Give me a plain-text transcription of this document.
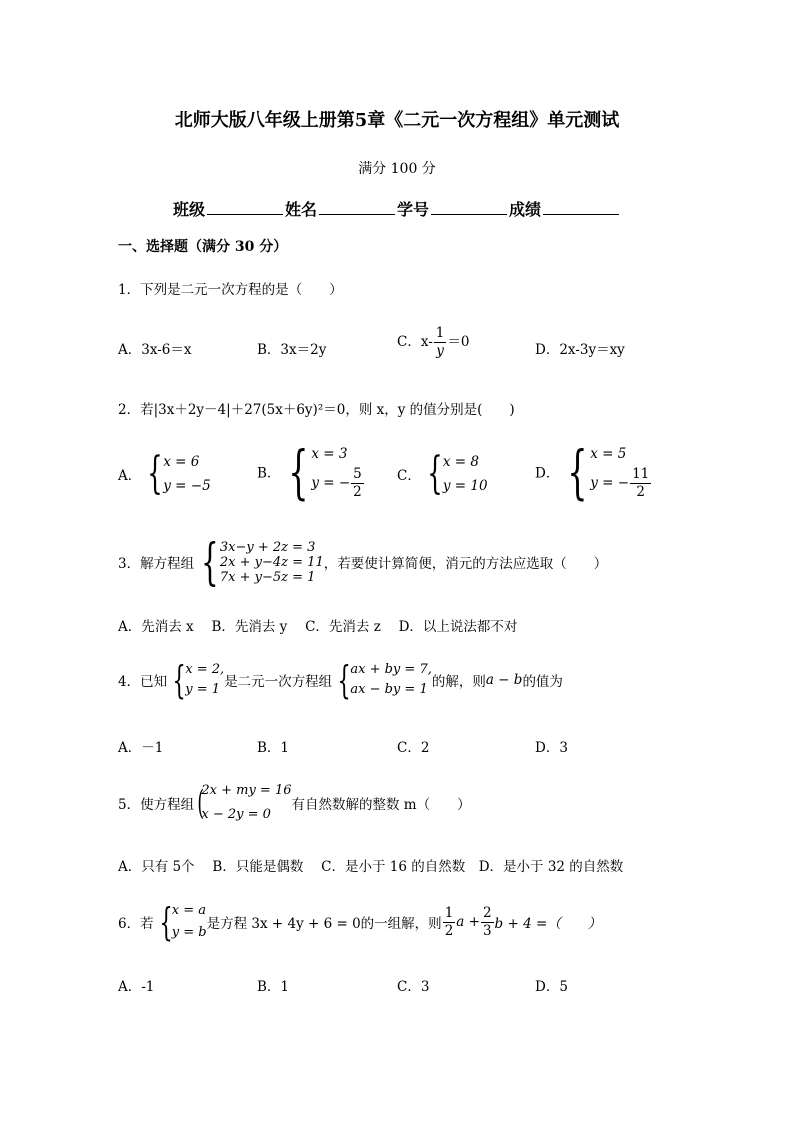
北师大版八年级上册第5章《二元一次方程组》单元测试
满分 100 分
班级	姓名	学号	成绩
一、选择题（满分 30 分）
1．下列是二元一次方程的是（　　）
A．3x-6＝x	B．3x＝2y	C．$x- \frac{1}{y} =0$	D．2x-3y＝xy
2．若|3x＋2y－4|＋27(5x＋6y)²＝0，则 x，y 的值分别是(　　)
A． { x = 6
y = −5
B． { x = 3
y = − $\frac{5}{2}$ C． { x = 8
y = 10
D． { x = 5
y = − $\frac{11}{2}$
3．解方程组 { 3x−y + 2z = 3
2x + y−4z = 11
7x + y−5z = 1
，若要使计算简便，消元的方法应选取（　　）
A．先消去 x　 B．先消去 y　 C．先消去 z　 D．以上说法都不对
4．已知 { x = 2,
y = 1 是二元一次方程组 { ax + by = 7,
ax − by = 1 的解，则a − b的值为
A．－1	B．1	C．2	D．3
5．使方程组(
2x + my = 16
x − 2y = 0
有自然数解的整数 m（　　）
A．只有 5个　 B．只能是偶数　 C．是小于 16 的自然数　D．是小于 32 的自然数
6．若 { x = a
y = b
是方程 3x + 4y + 6 = 0的一组解，则 $\frac{1}{2}$ $a + \frac{2}{3}$ b + 4 =（　　）
A．-1	B．1	C．3	D．5
